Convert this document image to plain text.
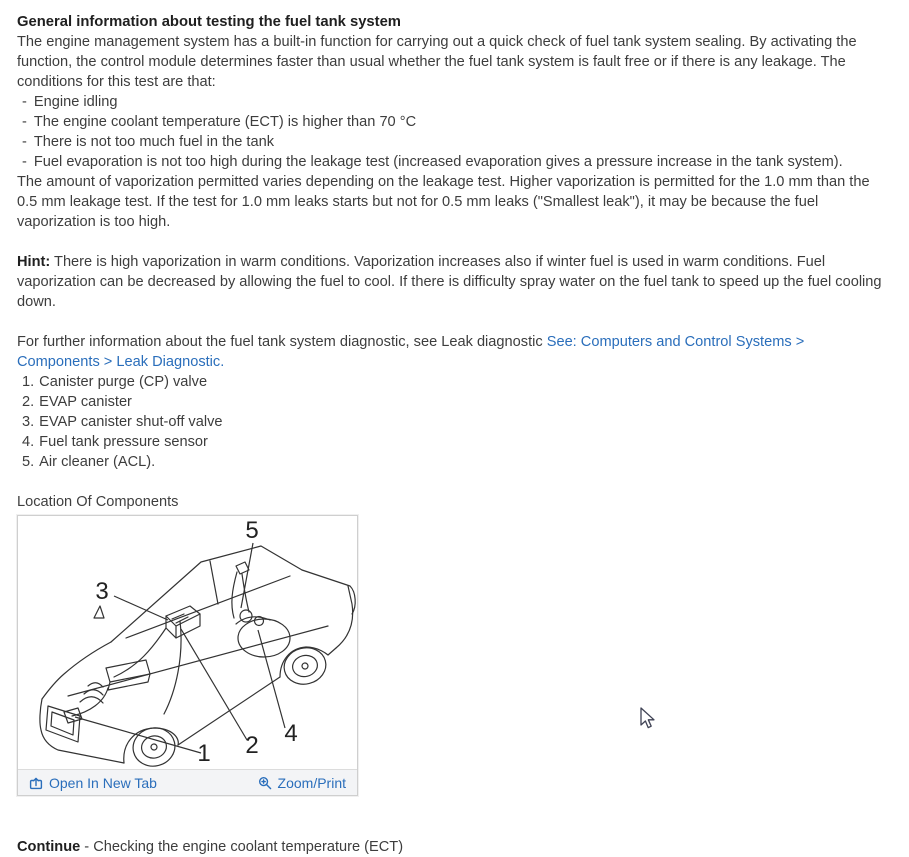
General information about testing the fuel tank system

The engine management system has a built-in function for carrying out a quick check of fuel tank system sealing. By activating the function, the control module determines faster than usual whether the fuel tank system is fault free or if there is any leakage. The conditions for this test are that:

- Engine idling
- The engine coolant temperature (ECT) is higher than 70 °C
- There is not too much fuel in the tank
- Fuel evaporation is not too high during the leakage test (increased evaporation gives a pressure increase in the tank system).

The amount of vaporization permitted varies depending on the leakage test. Higher vaporization is permitted for the 1.0 mm than the 0.5 mm leakage test. If the test for 1.0 mm leaks starts but not for 0.5 mm leaks ("Smallest leak"), it may be because the fuel vaporization is too high.

Hint: There is high vaporization in warm conditions. Vaporization increases also if winter fuel is used in warm conditions. Fuel vaporization can be decreased by allowing the fuel to cool. If there is difficulty spray water on the fuel tank to speed up the fuel cooling down.

For further information about the fuel tank system diagnostic, see Leak diagnostic See: Computers and Control Systems > Components > Leak Diagnostic.

1. Canister purge (CP) valve
2. EVAP canister
3. EVAP canister shut-off valve
4. Fuel tank pressure sensor
5. Air cleaner (ACL).
Location Of Components
1 2
3
4
5
Open In New Tab	Zoom/Print

Continue - Checking the engine coolant temperature (ECT)
